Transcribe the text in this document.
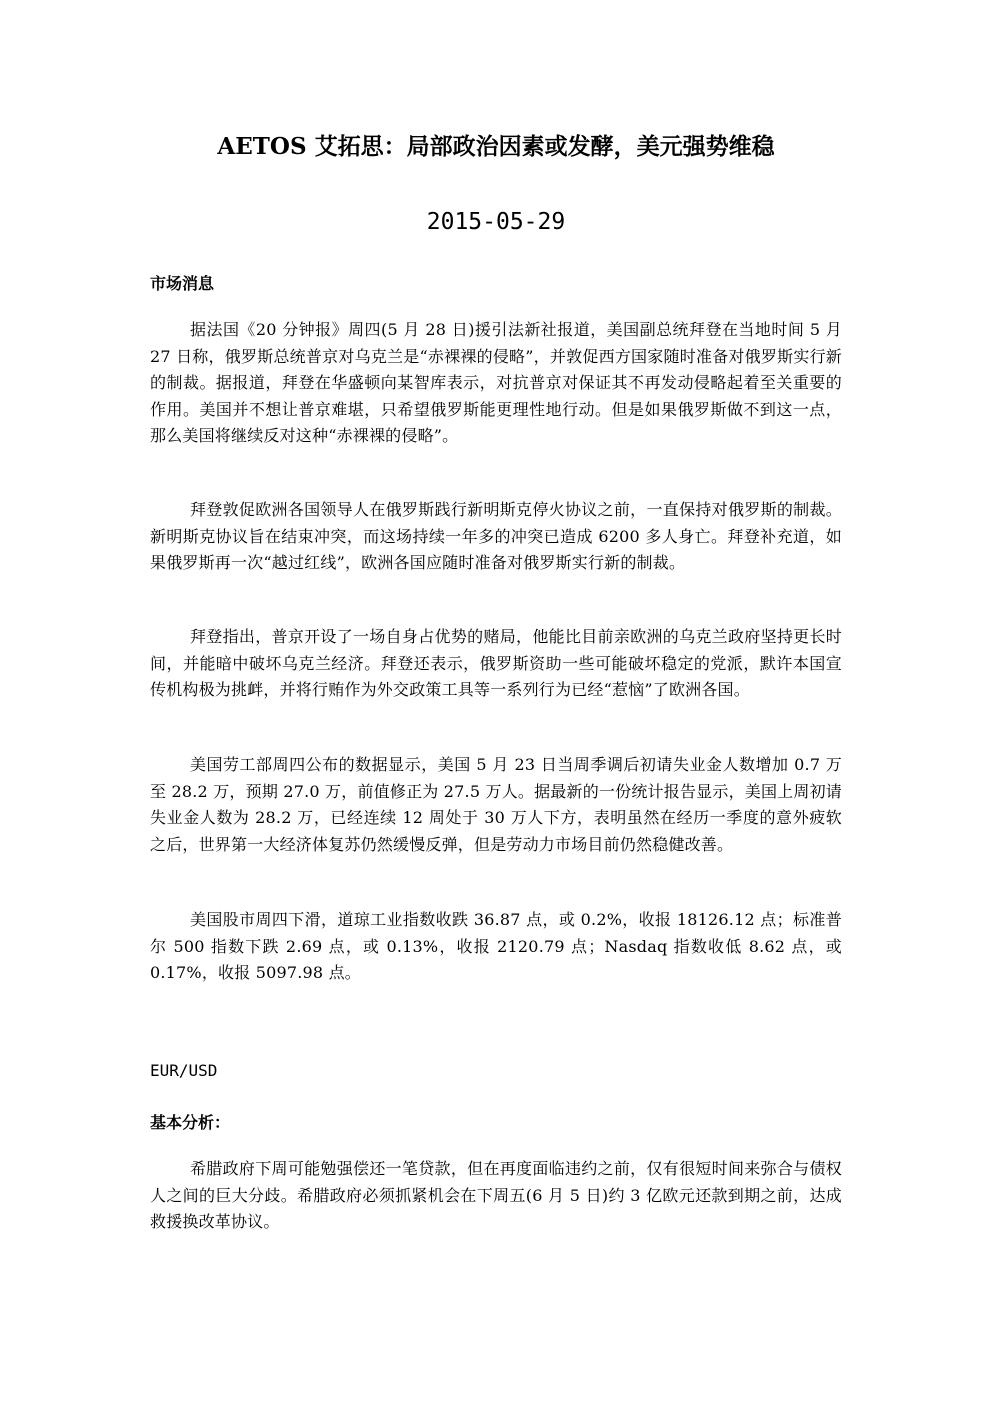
AETOS 艾拓思：局部政治因素或发酵，美元强势维稳
2015-05-29
市场消息

据法国《20 分钟报》周四(5 月 28 日)援引法新社报道，美国副总统拜登在当地时间 5 月 27 日称，俄罗斯总统普京对乌克兰是“赤裸裸的侵略”，并敦促西方国家随时准备对俄罗斯实行新的制裁。据报道，拜登在华盛顿向某智库表示，对抗普京对保证其不再发动侵略起着至关重要的作用。美国并不想让普京难堪，只希望俄罗斯能更理性地行动。但是如果俄罗斯做不到这一点，那么美国将继续反对这种“赤裸裸的侵略”。

拜登敦促欧洲各国领导人在俄罗斯践行新明斯克停火协议之前，一直保持对俄罗斯的制裁。新明斯克协议旨在结束冲突，而这场持续一年多的冲突已造成 6200 多人身亡。拜登补充道，如果俄罗斯再一次“越过红线”，欧洲各国应随时准备对俄罗斯实行新的制裁。

拜登指出，普京开设了一场自身占优势的赌局，他能比目前亲欧洲的乌克兰政府坚持更长时间，并能暗中破坏乌克兰经济。拜登还表示，俄罗斯资助一些可能破坏稳定的党派，默许本国宣传机构极为挑衅，并将行贿作为外交政策工具等一系列行为已经“惹恼”了欧洲各国。

美国劳工部周四公布的数据显示，美国 5 月 23 日当周季调后初请失业金人数增加 0.7 万至 28.2 万，预期 27.0 万，前值修正为 27.5 万人。据最新的一份统计报告显示，美国上周初请失业金人数为 28.2 万，已经连续 12 周处于 30 万人下方，表明虽然在经历一季度的意外疲软之后，世界第一大经济体复苏仍然缓慢反弹，但是劳动力市场目前仍然稳健改善。

美国股市周四下滑，道琼工业指数收跌 36.87 点，或 0.2%，收报 18126.12 点；标准普尔 500 指数下跌 2.69 点，或 0.13%，收报 2120.79 点；Nasdaq 指数收低 8.62 点，或 0.17%，收报 5097.98 点。

EUR/USD
基本分析：

希腊政府下周可能勉强偿还一笔贷款，但在再度面临违约之前，仅有很短时间来弥合与债权人之间的巨大分歧。希腊政府必须抓紧机会在下周五(6 月 5 日)约 3 亿欧元还款到期之前，达成救援换改革协议。
